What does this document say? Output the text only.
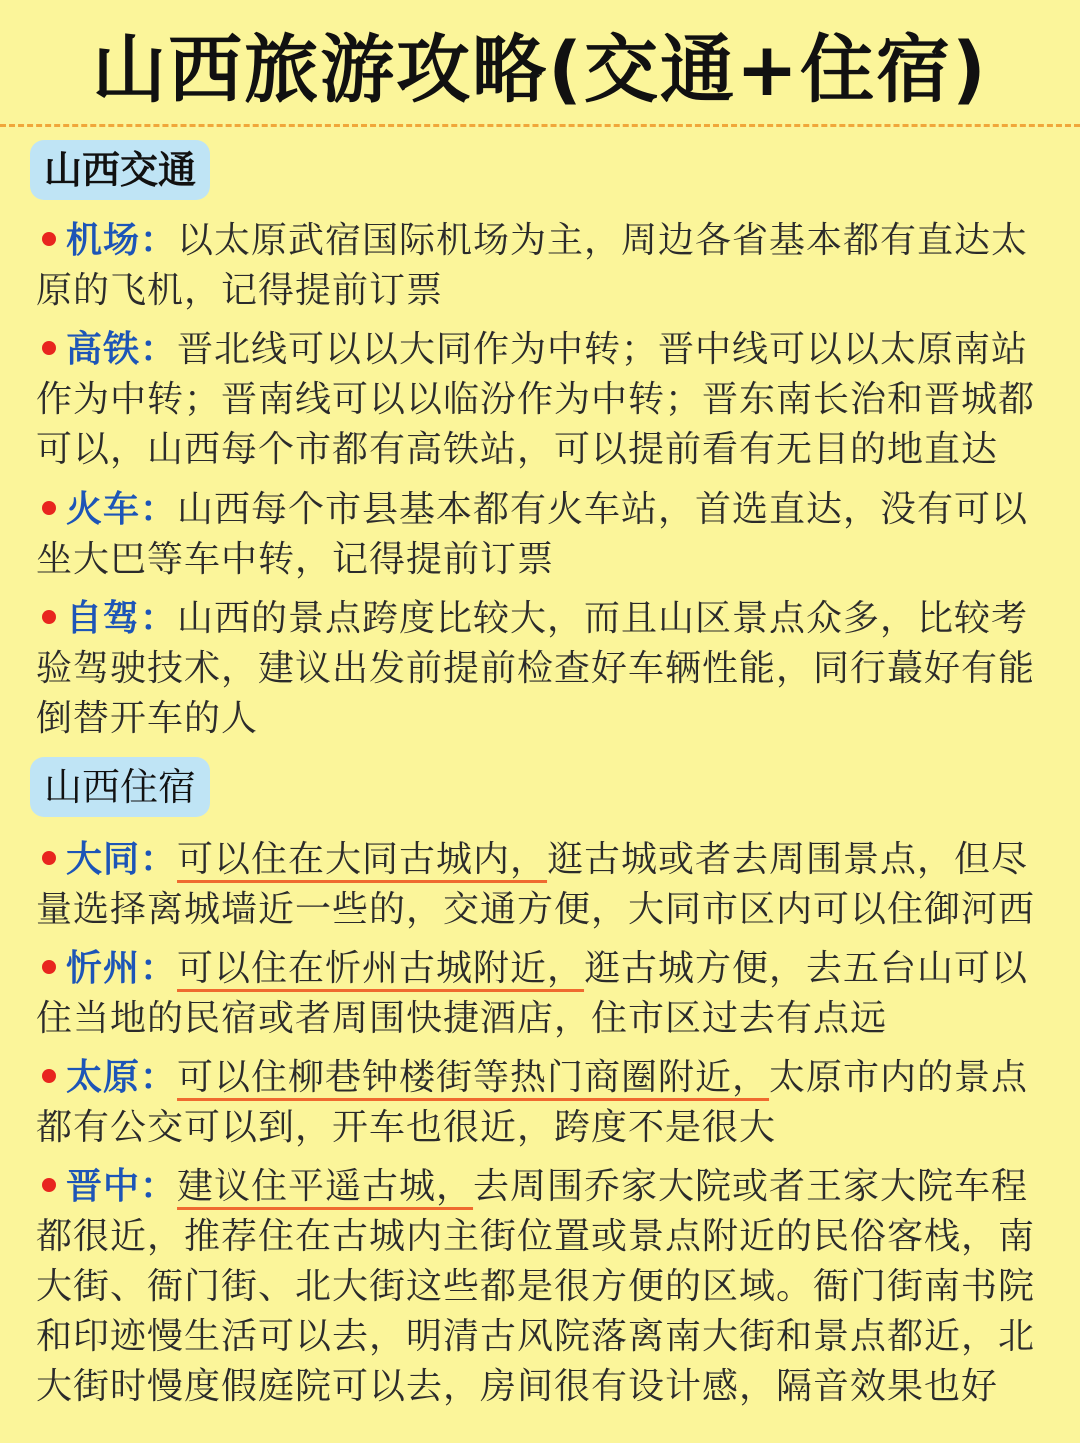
山西旅游攻略(交通+住宿)
山西交通
机场：以太原武宿国际机场为主，周边各省基本都有直达太原的飞机，记得提前订票
高铁：晋北线可以以大同作为中转；晋中线可以以太原南站作为中转；晋南线可以以临汾作为中转；晋东南长治和晋城都可以，山西每个市都有高铁站，可以提前看有无目的地直达
火车：山西每个市县基本都有火车站，首选直达，没有可以坐大巴等车中转，记得提前订票
自驾：山西的景点跨度比较大，而且山区景点众多，比较考验驾驶技术，建议出发前提前检查好车辆性能，同行蕞好有能倒替开车的人
山西住宿
大同：可以住在大同古城内，逛古城或者去周围景点，但尽量选择离城墙近一些的，交通方便，大同市区内可以住御河西
忻州：可以住在忻州古城附近，逛古城方便，去五台山可以住当地的民宿或者周围快捷酒店，住市区过去有点远
太原：可以住柳巷钟楼街等热门商圈附近，太原市内的景点都有公交可以到，开车也很近，跨度不是很大
晋中：建议住平遥古城，去周围乔家大院或者王家大院车程都很近，推荐住在古城内主街位置或景点附近的民俗客栈，南大街、衙门街、北大街这些都是很方便的区域。衙门街南书院和印迹慢生活可以去，明清古风院落离南大街和景点都近，北大街时慢度假庭院可以去，房间很有设计感，隔音效果也好
